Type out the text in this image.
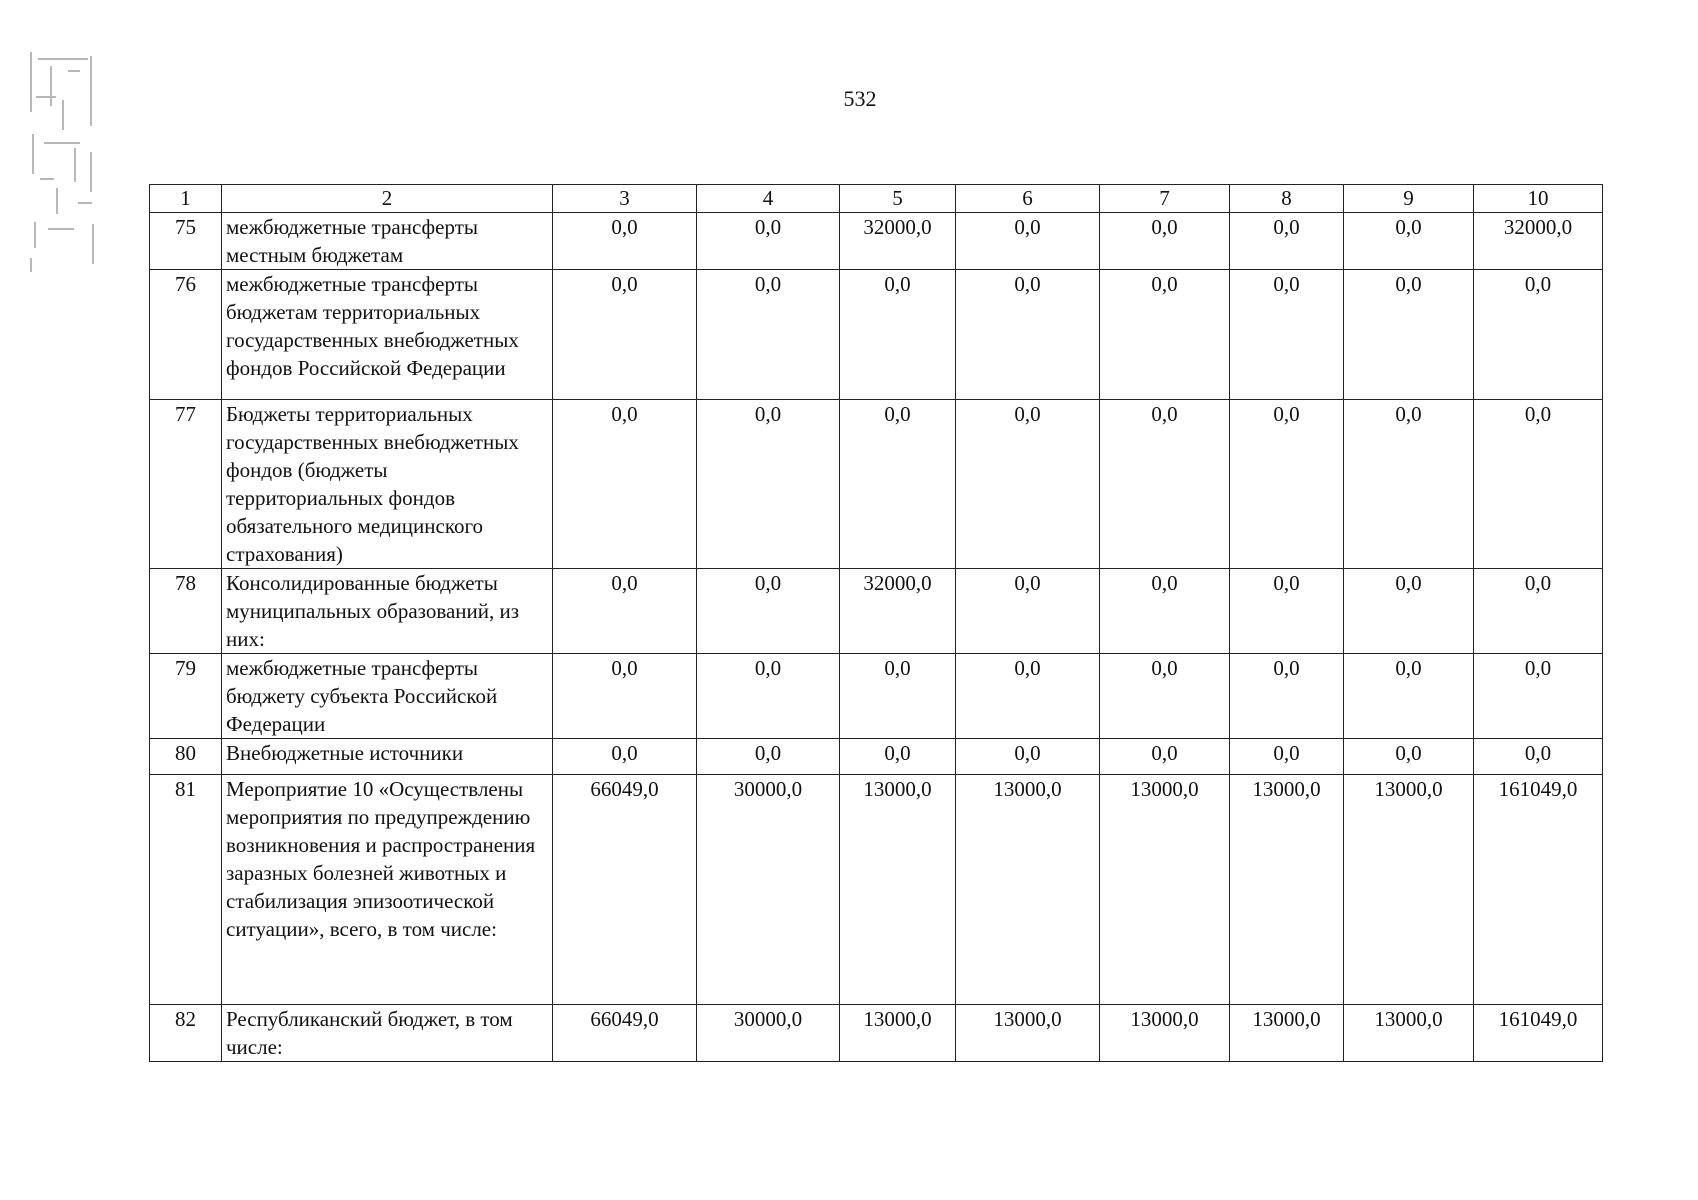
532
1	2	3	4	5	6	7	8	9	10
75	межбюджетные трансферты местным бюджетам	0,0	0,0	32000,0	0,0	0,0	0,0	0,0	32000,0
76	межбюджетные трансферты бюджетам территориальных государственных внебюджетных фондов Российской Федерации	0,0	0,0	0,0	0,0	0,0	0,0	0,0	0,0
77	Бюджеты территориальных государственных внебюджетных фондов (бюджеты территориальных фондов обязательного медицинского страхования)	0,0	0,0	0,0	0,0	0,0	0,0	0,0	0,0
78	Консолидированные бюджеты муниципальных образований, из них:	0,0	0,0	32000,0	0,0	0,0	0,0	0,0	0,0
79	межбюджетные трансферты бюджету субъекта Российской Федерации	0,0	0,0	0,0	0,0	0,0	0,0	0,0	0,0
80	Внебюджетные источники	0,0	0,0	0,0	0,0	0,0	0,0	0,0	0,0
81	Мероприятие 10 «Осуществлены мероприятия по предупреждению возникновения и распространения заразных болезней животных и стабилизация эпизоотической ситуации», всего, в том числе:	66049,0	30000,0	13000,0	13000,0	13000,0	13000,0	13000,0	161049,0
82	Республиканский бюджет, в том числе:	66049,0	30000,0	13000,0	13000,0	13000,0	13000,0	13000,0	161049,0
